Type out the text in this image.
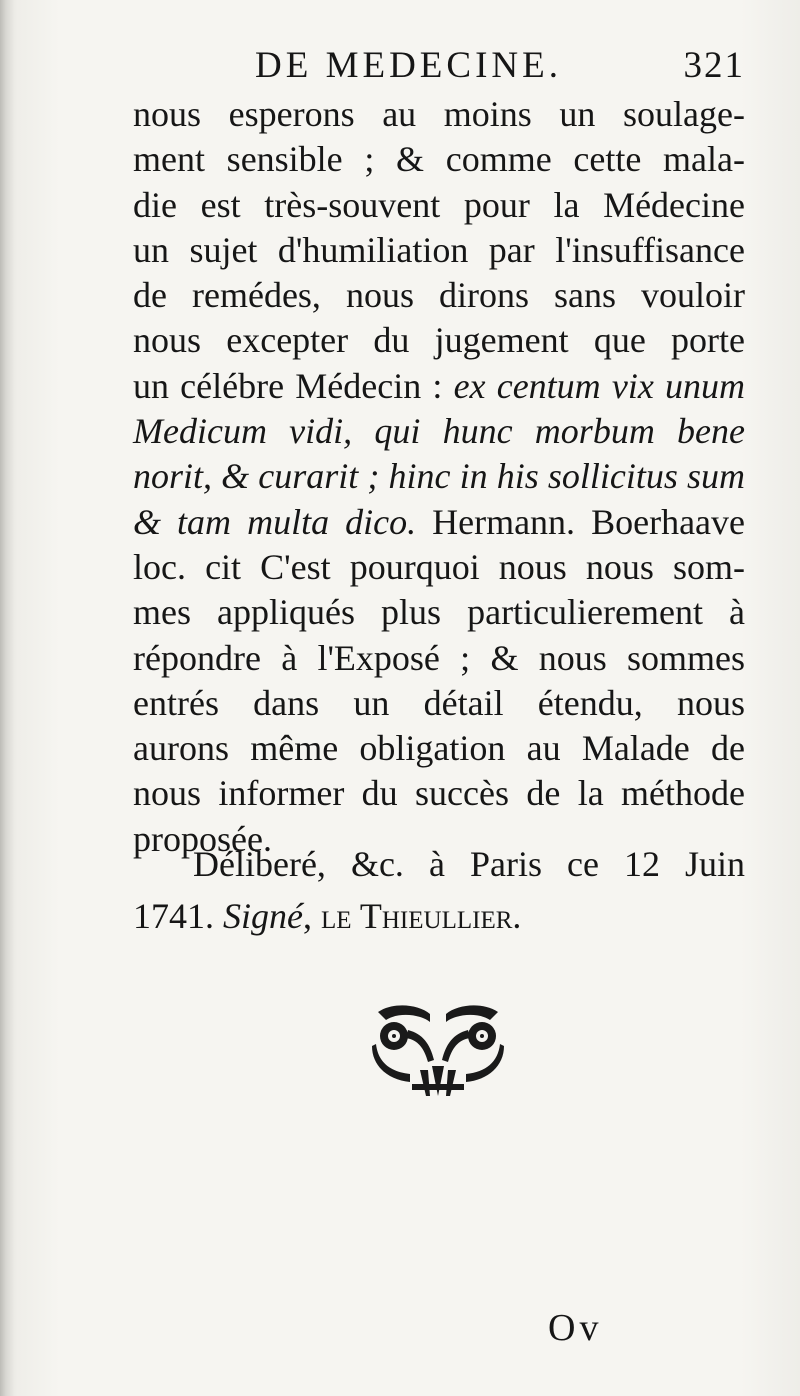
DE MEDECINE.	321
nous esperons au moins un soulage-
ment sensible ; & comme cette mala-
die est très-souvent pour la Médecine
un sujet d'humiliation par l'insuffisance
de remédes, nous dirons sans vouloir
nous excepter du jugement que porte
un célébre Médecin : ex centum vix unum
Medicum vidi, qui hunc morbum bene
norit, & curarit ; hinc in his sollicitus sum
& tam multa dico. Hermann. Boerhaave
loc. cit C'est pourquoi nous nous som-
mes appliqués plus particulierement à
répondre à l'Exposé ; & nous sommes
entrés dans un détail étendu, nous
aurons même obligation au Malade de
nous informer du succès de la méthode
proposée.
Déliberé, &c. à Paris ce 12 Juin
1741. Signé, le Thieullier.
Ov
